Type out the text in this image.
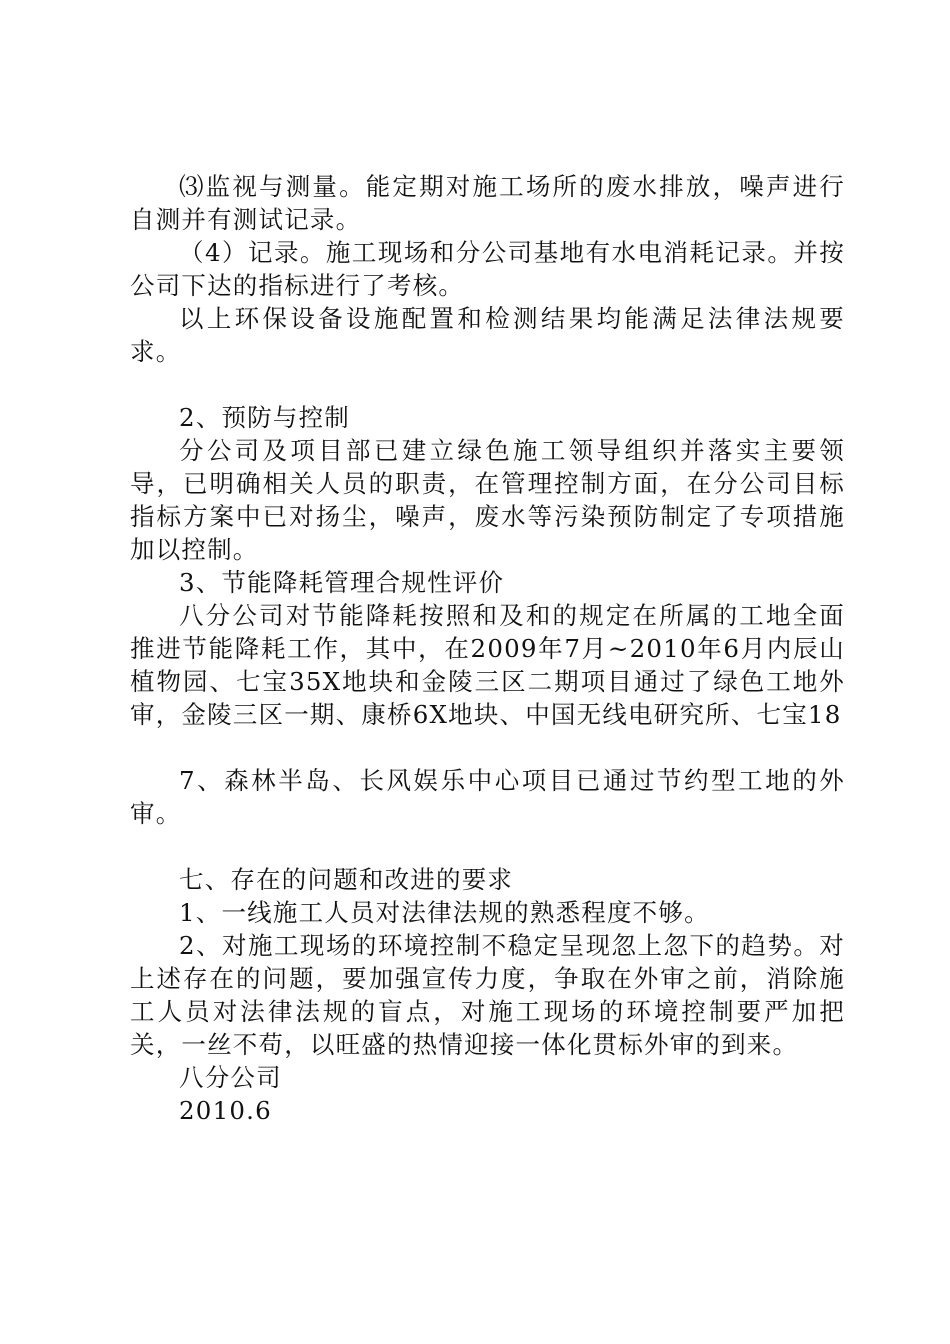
⑶监视与测量。能定期对施工场所的废水排放，噪声进行自测并有测试记录。

（4）记录。施工现场和分公司基地有水电消耗记录。并按公司下达的指标进行了考核。

以上环保设备设施配置和检测结果均能满足法律法规要求。

2、预防与控制

分公司及项目部已建立绿色施工领导组织并落实主要领导，已明确相关人员的职责，在管理控制方面，在分公司目标指标方案中已对扬尘，噪声，废水等污染预防制定了专项措施加以控制。

3、节能降耗管理合规性评价

八分公司对节能降耗按照和及和的规定在所属的工地全面推进节能降耗工作，其中，在2009年7月~2010年6月内辰山植物园、七宝35X地块和金陵三区二期项目通过了绿色工地外审，金陵三区一期、康桥6X地块、中国无线电研究所、七宝18

7、森林半岛、长风娱乐中心项目已通过节约型工地的外审。

七、存在的问题和改进的要求

1、一线施工人员对法律法规的熟悉程度不够。

2、对施工现场的环境控制不稳定呈现忽上忽下的趋势。对上述存在的问题，要加强宣传力度，争取在外审之前，消除施工人员对法律法规的盲点，对施工现场的环境控制要严加把关，一丝不苟，以旺盛的热情迎接一体化贯标外审的到来。

八分公司

2010.6
